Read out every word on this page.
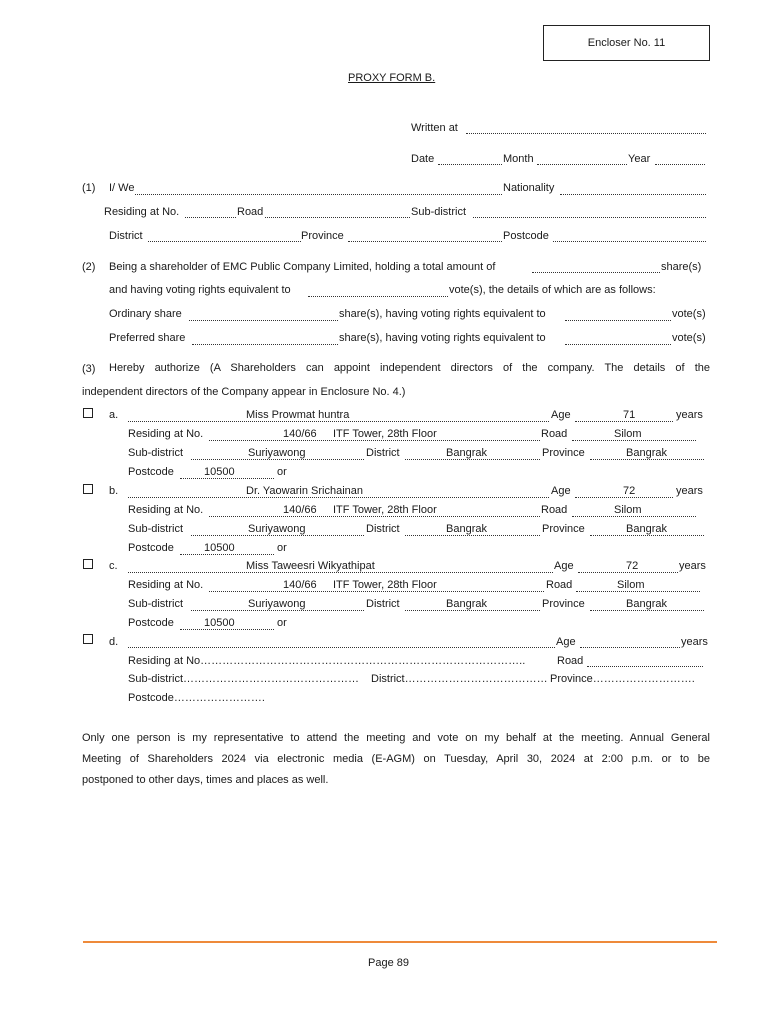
Encloser No. 11
PROXY FORM B.
Written at
Date	Month	Year
(1) I/ We	Nationality
Residing at No.	Road	Sub-district
District	Province	Postcode
(2) Being a shareholder of EMC Public Company Limited, holding a total amount of	share(s)
and having voting rights equivalent to	vote(s), the details of which are as follows:
Ordinary share	share(s), having voting rights equivalent to	vote(s)
Preferred share	share(s), having voting rights equivalent to	vote(s)
(3) Hereby authorize (A Shareholders can appoint independent directors of the company. The details of the
independent directors of the Company appear in Enclosure No. 4.)
a.	Miss Prowmat huntra	Age	71	years
Residing at No.	140/66 ITF Tower, 28th Floor	Road	Silom
Sub-district	Suriyawong	District	Bangrak	Province	Bangrak
Postcode	10500	or
b.	Dr. Yaowarin Srichainan	Age	72	years
Residing at No.	140/66 ITF Tower, 28th Floor	Road	Silom
Sub-district	Suriyawong	District	Bangrak	Province	Bangrak
Postcode	10500	or
c.	Miss Taweesri Wikyathipat	Age	72	years
Residing at No.	140/66 ITF Tower, 28th Floor	Road	Silom
Sub-district	Suriyawong	District	Bangrak	Province	Bangrak
Postcode	10500	or
d.	Age	years
Residing at No……………………………………………………………………………..	Road
Sub-district………………………………………… District………………………………… Province……………………….
Postcode…………………….
Only one person is my representative to attend the meeting and vote on my behalf at the meeting. Annual General
Meeting of Shareholders 2024 via electronic media (E-AGM) on Tuesday, April 30, 2024 at 2:00 p.m. or to be
postponed to other days, times and places as well.
Page 89
